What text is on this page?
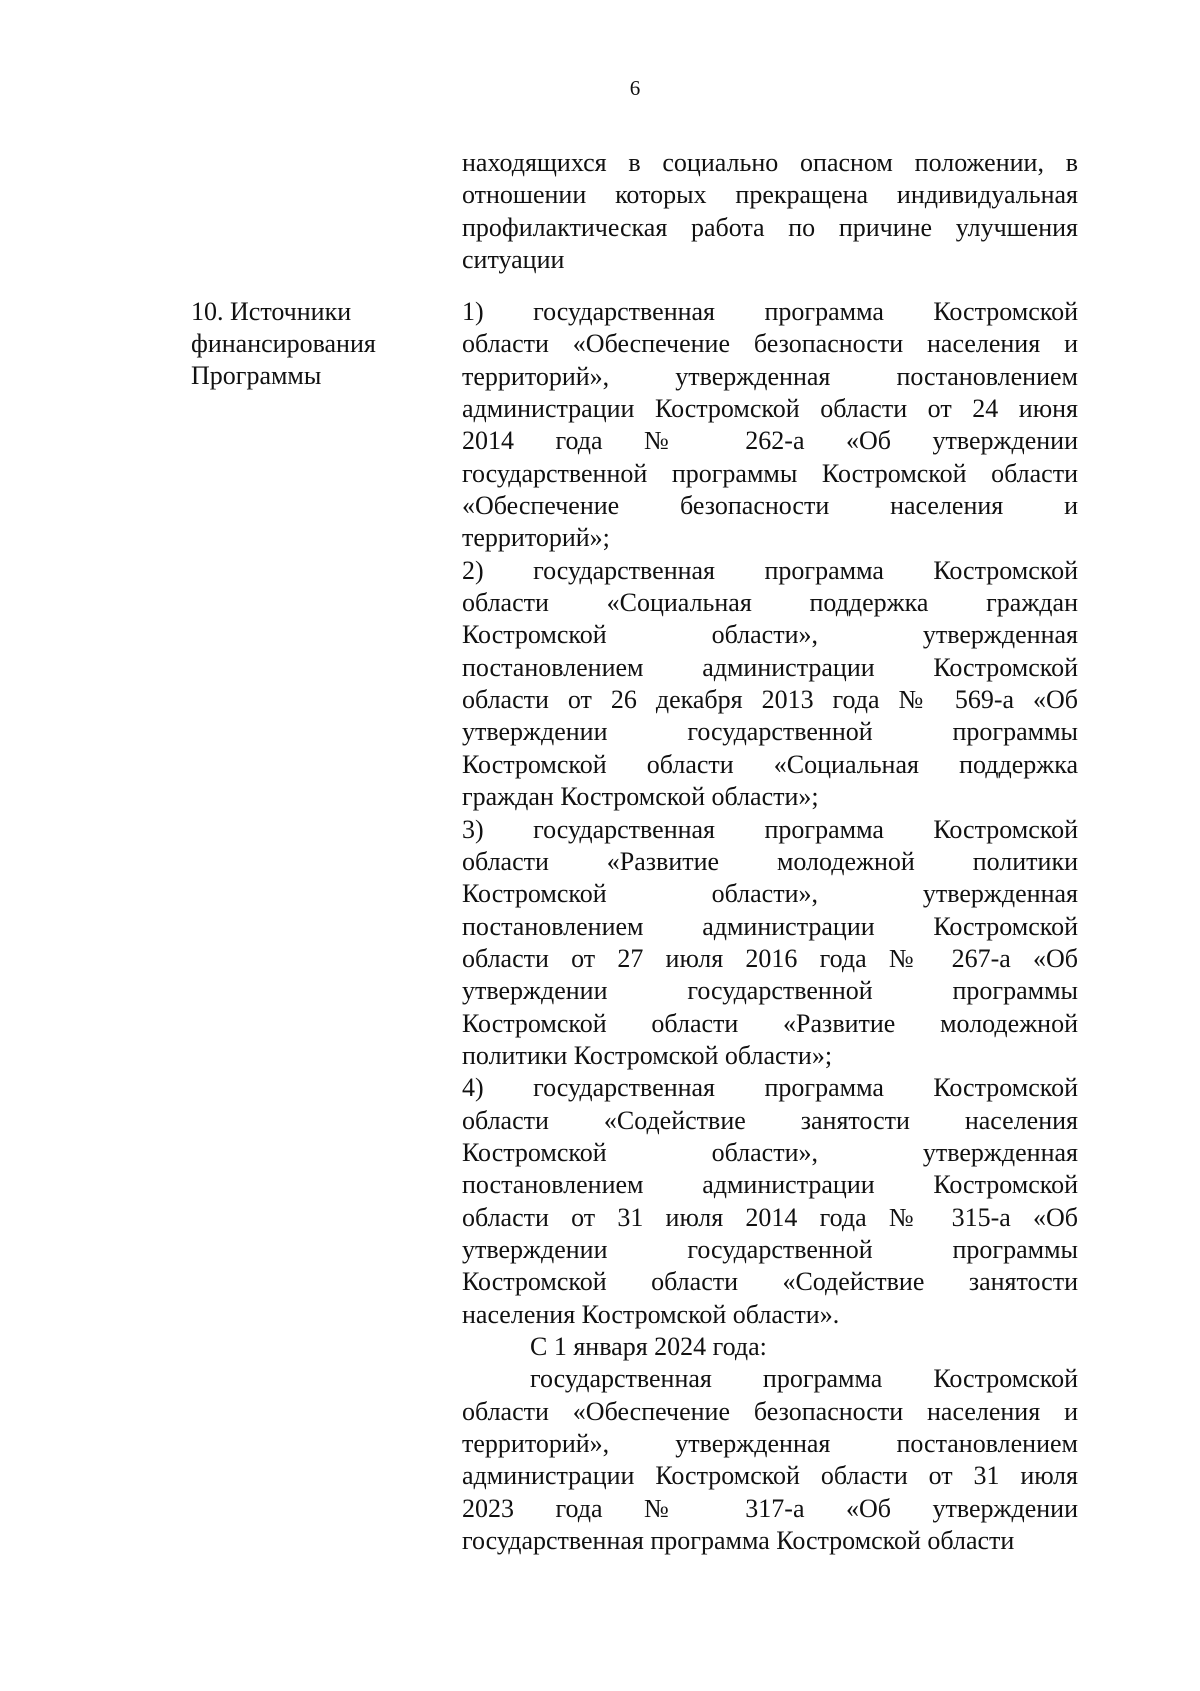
6
находящихся в социально опасном положении, в
отношении которых прекращена индивидуальная
профилактическая работа по причине улучшения
ситуации
10. Источники
финансирования
Программы
1) государственная программа Костромской
области «Обеспечение безопасности населения и
территорий», утвержденная постановлением
администрации Костромской области от 24 июня
2014 года № 262-а «Об утверждении
государственной программы Костромской области
«Обеспечение безопасности населения и
территорий»;
2) государственная программа Костромской
области «Социальная поддержка граждан
Костромской области», утвержденная
постановлением администрации Костромской
области от 26 декабря 2013 года № 569-а «Об
утверждении государственной программы
Костромской области «Социальная поддержка
граждан Костромской области»;
3) государственная программа Костромской
области «Развитие молодежной политики
Костромской области», утвержденная
постановлением администрации Костромской
области от 27 июля 2016 года № 267-а «Об
утверждении государственной программы
Костромской области «Развитие молодежной
политики Костромской области»;
4) государственная программа Костромской
области «Содействие занятости населения
Костромской области», утвержденная
постановлением администрации Костромской
области от 31 июля 2014 года № 315-а «Об
утверждении государственной программы
Костромской области «Содействие занятости
населения Костромской области».
С 1 января 2024 года:
государственная программа Костромской
области «Обеспечение безопасности населения и
территорий», утвержденная постановлением
администрации Костромской области от 31 июля
2023 года № 317-а «Об утверждении
государственная программа Костромской области
